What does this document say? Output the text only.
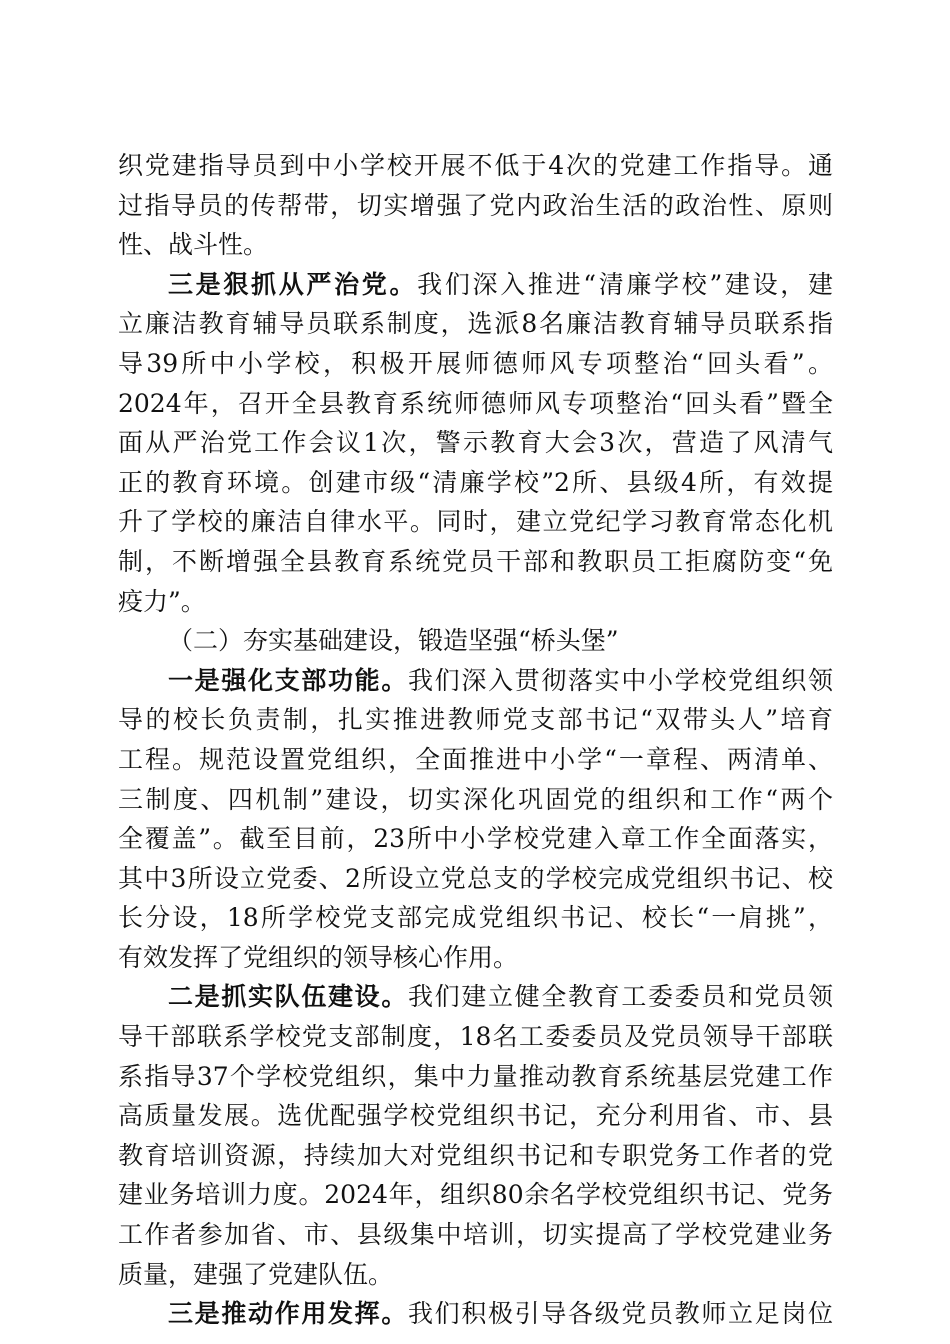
织党建指导员到中小学校开展不低于4次的党建工作指导。通
过指导员的传帮带，切实增强了党内政治生活的政治性、原则
性、战斗性。

三是狠抓从严治党。我们深入推进“清廉学校”建设，建
立廉洁教育辅导员联系制度，选派8名廉洁教育辅导员联系指
导39所中小学校，积极开展师德师风专项整治“回头看”。
2024年，召开全县教育系统师德师风专项整治“回头看”暨全
面从严治党工作会议1次，警示教育大会3次，营造了风清气
正的教育环境。创建市级“清廉学校”2所、县级4所，有效提
升了学校的廉洁自律水平。同时，建立党纪学习教育常态化机
制，不断增强全县教育系统党员干部和教职员工拒腐防变“免
疫力”。

（二）夯实基础建设，锻造坚强“桥头堡”

一是强化支部功能。我们深入贯彻落实中小学校党组织领
导的校长负责制，扎实推进教师党支部书记“双带头人”培育
工程。规范设置党组织，全面推进中小学“一章程、两清单、
三制度、四机制”建设，切实深化巩固党的组织和工作“两个
全覆盖”。截至目前，23所中小学校党建入章工作全面落实，
其中3所设立党委、2所设立党总支的学校完成党组织书记、校
长分设，18所学校党支部完成党组织书记、校长“一肩挑”，
有效发挥了党组织的领导核心作用。

二是抓实队伍建设。我们建立健全教育工委委员和党员领
导干部联系学校党支部制度，18名工委委员及党员领导干部联
系指导37个学校党组织，集中力量推动教育系统基层党建工作
高质量发展。选优配强学校党组织书记，充分利用省、市、县
教育培训资源，持续加大对党组织书记和专职党务工作者的党
建业务培训力度。2024年，组织80余名学校党组织书记、党务
工作者参加省、市、县级集中培训，切实提高了学校党建业务
质量，建强了党建队伍。

三是推动作用发挥。我们积极引导各级党员教师立足岗位
